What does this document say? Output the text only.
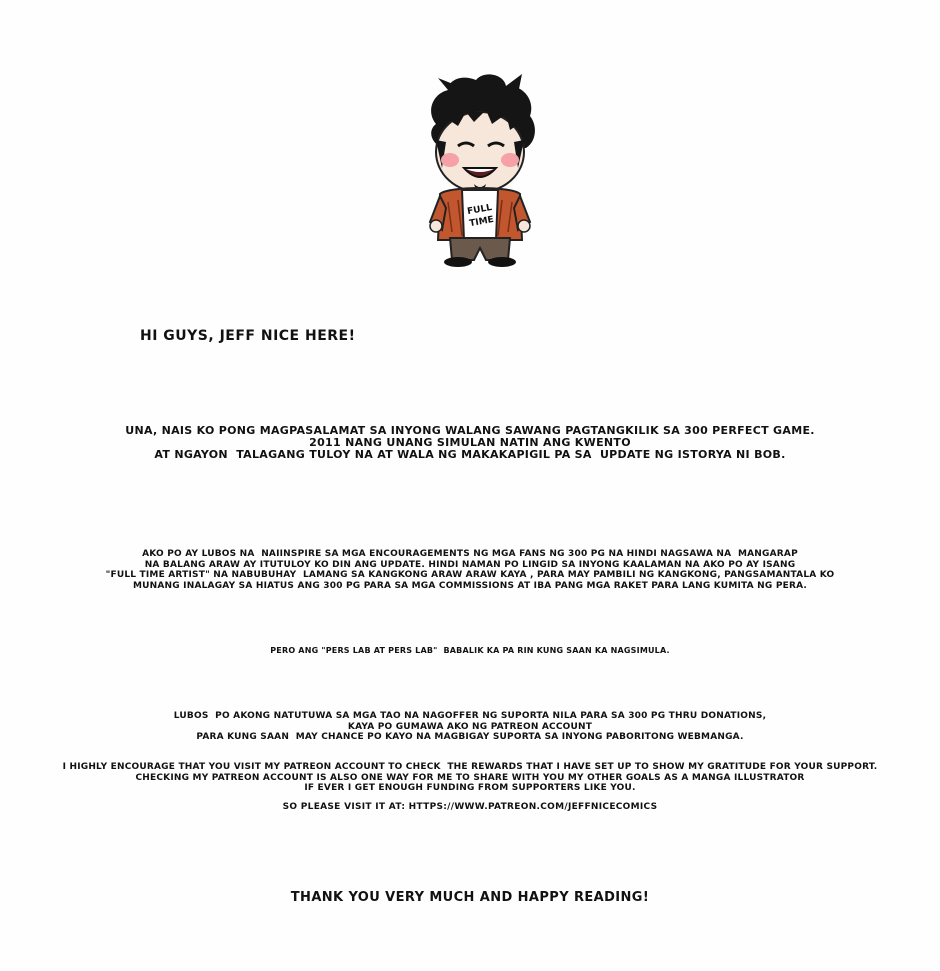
FULL
TIME
HI GUYS, JEFF NICE HERE!
UNA, NAIS KO PONG MAGPASALAMAT SA INYONG WALANG SAWANG PAGTANGKILIK SA 300 PERFECT GAME.
2011 NANG UNANG SIMULAN NATIN ANG KWENTO
AT NGAYON  TALAGANG TULOY NA AT WALA NG MAKAKAPIGIL PA SA  UPDATE NG ISTORYA NI BOB.
AKO PO AY LUBOS NA  NAIINSPIRE SA MGA ENCOURAGEMENTS NG MGA FANS NG 300 PG NA HINDI NAGSAWA NA  MANGARAP
NA BALANG ARAW AY ITUTULOY KO DIN ANG UPDATE. HINDI NAMAN PO LINGID SA INYONG KAALAMAN NA AKO PO AY ISANG
"FULL TIME ARTIST" NA NABUBUHAY  LAMANG SA KANGKONG ARAW ARAW KAYA , PARA MAY PAMBILI NG KANGKONG, PANGSAMANTALA KO
MUNANG INALAGAY SA HIATUS ANG 300 PG PARA SA MGA COMMISSIONS AT IBA PANG MGA RAKET PARA LANG KUMITA NG PERA.
PERO ANG "PERS LAB AT PERS LAB"  BABALIK KA PA RIN KUNG SAAN KA NAGSIMULA.
LUBOS  PO AKONG NATUTUWA SA MGA TAO NA NAGOFFER NG SUPORTA NILA PARA SA 300 PG THRU DONATIONS,
KAYA PO GUMAWA AKO NG PATREON ACCOUNT
PARA KUNG SAAN  MAY CHANCE PO KAYO NA MAGBIGAY SUPORTA SA INYONG PABORITONG WEBMANGA.
I HIGHLY ENCOURAGE THAT YOU VISIT MY PATREON ACCOUNT TO CHECK  THE REWARDS THAT I HAVE SET UP TO SHOW MY GRATITUDE FOR YOUR SUPPORT.
CHECKING MY PATREON ACCOUNT IS ALSO ONE WAY FOR ME TO SHARE WITH YOU MY OTHER GOALS AS A MANGA ILLUSTRATOR
IF EVER I GET ENOUGH FUNDING FROM SUPPORTERS LIKE YOU.
SO PLEASE VISIT IT AT: HTTPS://WWW.PATREON.COM/JEFFNICECOMICS
THANK YOU VERY MUCH AND HAPPY READING!
